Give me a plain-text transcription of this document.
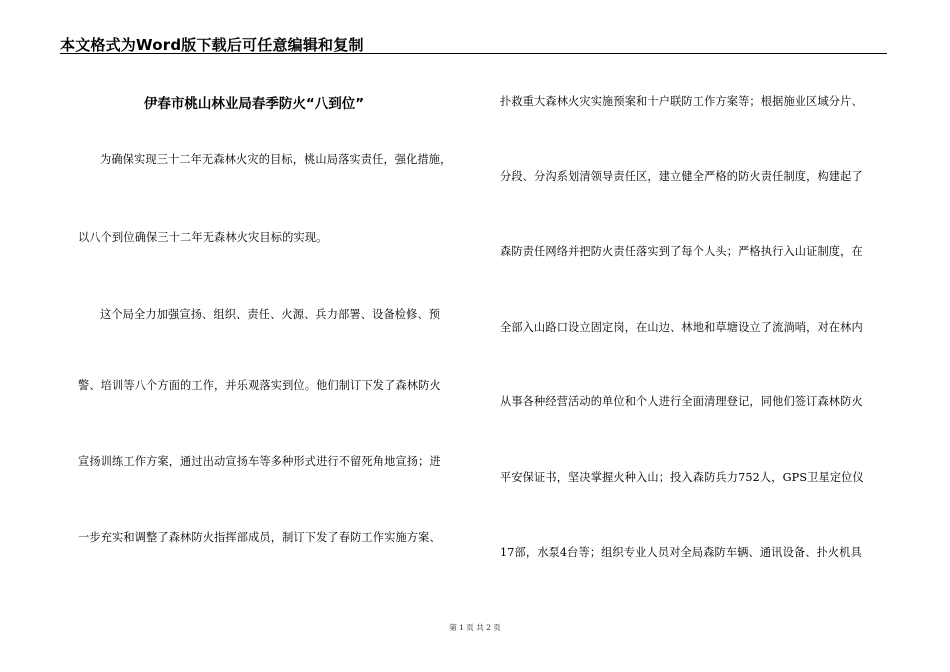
本文格式为Word版下载后可任意编辑和复制
伊春市桃山林业局春季防火“八到位”
为确保实现三十二年无森林火灾的目标，桃山局落实责任，强化措施，
以八个到位确保三十二年无森林火灾目标的实现。
这个局全力加强宣扬、组织、责任、火源、兵力部署、设备检修、预
警、培训等八个方面的工作，并乐观落实到位。他们制订下发了森林防火
宣扬训练工作方案，通过出动宣扬车等多种形式进行不留死角地宣扬；进
一步充实和调整了森林防火指挥部成员，制订下发了春防工作实施方案、
扑救重大森林火灾实施预案和十户联防工作方案等；根据施业区域分片、
分段、分沟系划清领导责任区，建立健全严格的防火责任制度，构建起了
森防责任网络并把防火责任落实到了每个人头；严格执行入山证制度，在
全部入山路口设立固定岗，在山边、林地和草塘设立了流淌哨，对在林内
从事各种经营活动的单位和个人进行全面清理登记，同他们签订森林防火
平安保证书，坚决掌握火种入山；投入森防兵力752人，GPS卫星定位仪
17部，水泵4台等；组织专业人员对全局森防车辆、通讯设备、扑火机具
第 1 页 共 2 页
